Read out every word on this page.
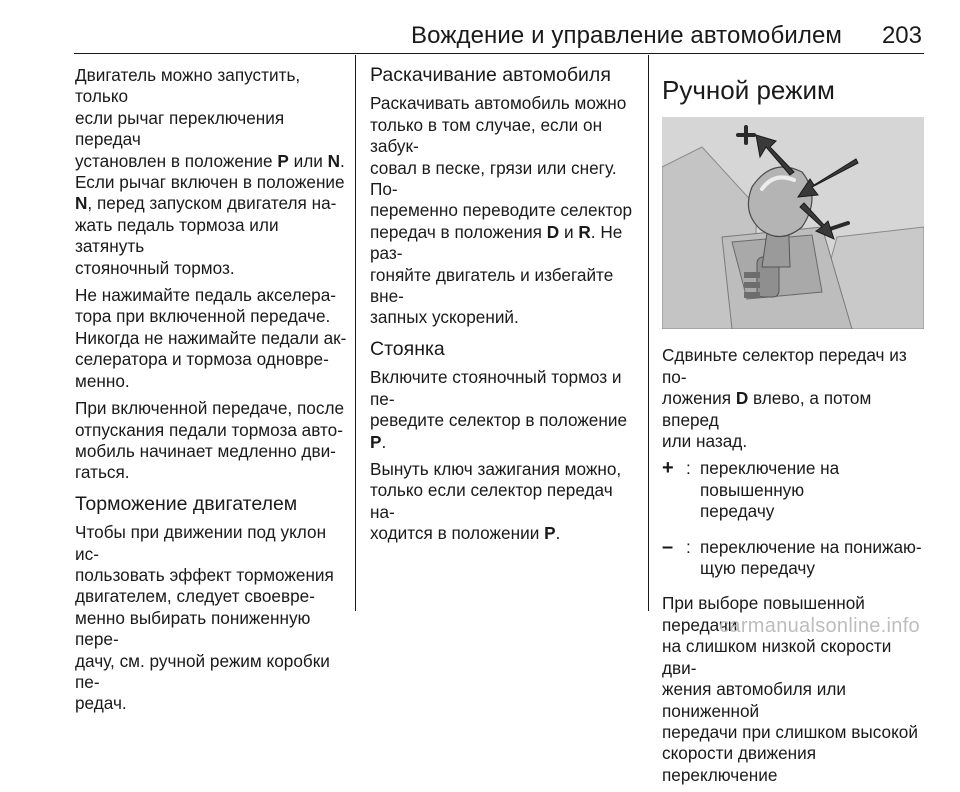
Вождение и управление автомобилем 203

Двигатель можно запустить, только
если рычаг переключения передач
установлен в положение P или N.
Если рычаг включен в положение
N, перед запуском двигателя на-
жать педаль тормоза или затянуть
стояночный тормоз.

Не нажимайте педаль акселера-
тора при включенной передаче.
Никогда не нажимайте педали ак-
селератора и тормоза одновре-
менно.

При включенной передаче, после
отпускания педали тормоза авто-
мобиль начинает медленно дви-
гаться.

Торможение двигателем

Чтобы при движении под уклон ис-
пользовать эффект торможения
двигателем, следует своевре-
менно выбирать пониженную пере-
дачу, см. ручной режим коробки пе-
редач.

Раскачивание автомобиля

Раскачивать автомобиль можно
только в том случае, если он забук-
совал в песке, грязи или снегу. По-
переменно переводите селектор
передач в положения D и R. Не раз-
гоняйте двигатель и избегайте вне-
запных ускорений.

Стоянка

Включите стояночный тормоз и пе-
реведите селектор в положение P.

Вынуть ключ зажигания можно,
только если селектор передач на-
ходится в положении P.

Ручной режим

Сдвиньте селектор передач из по-
ложения D влево, а потом вперед
или назад.

+ : переключение на повышенную
передачу
– : переключение на понижаю-
щую передачу

При выборе повышенной передачи
на слишком низкой скорости дви-
жения автомобиля или пониженной
передачи при слишком высокой
скорости движения переключение

carmanualsonline.info
